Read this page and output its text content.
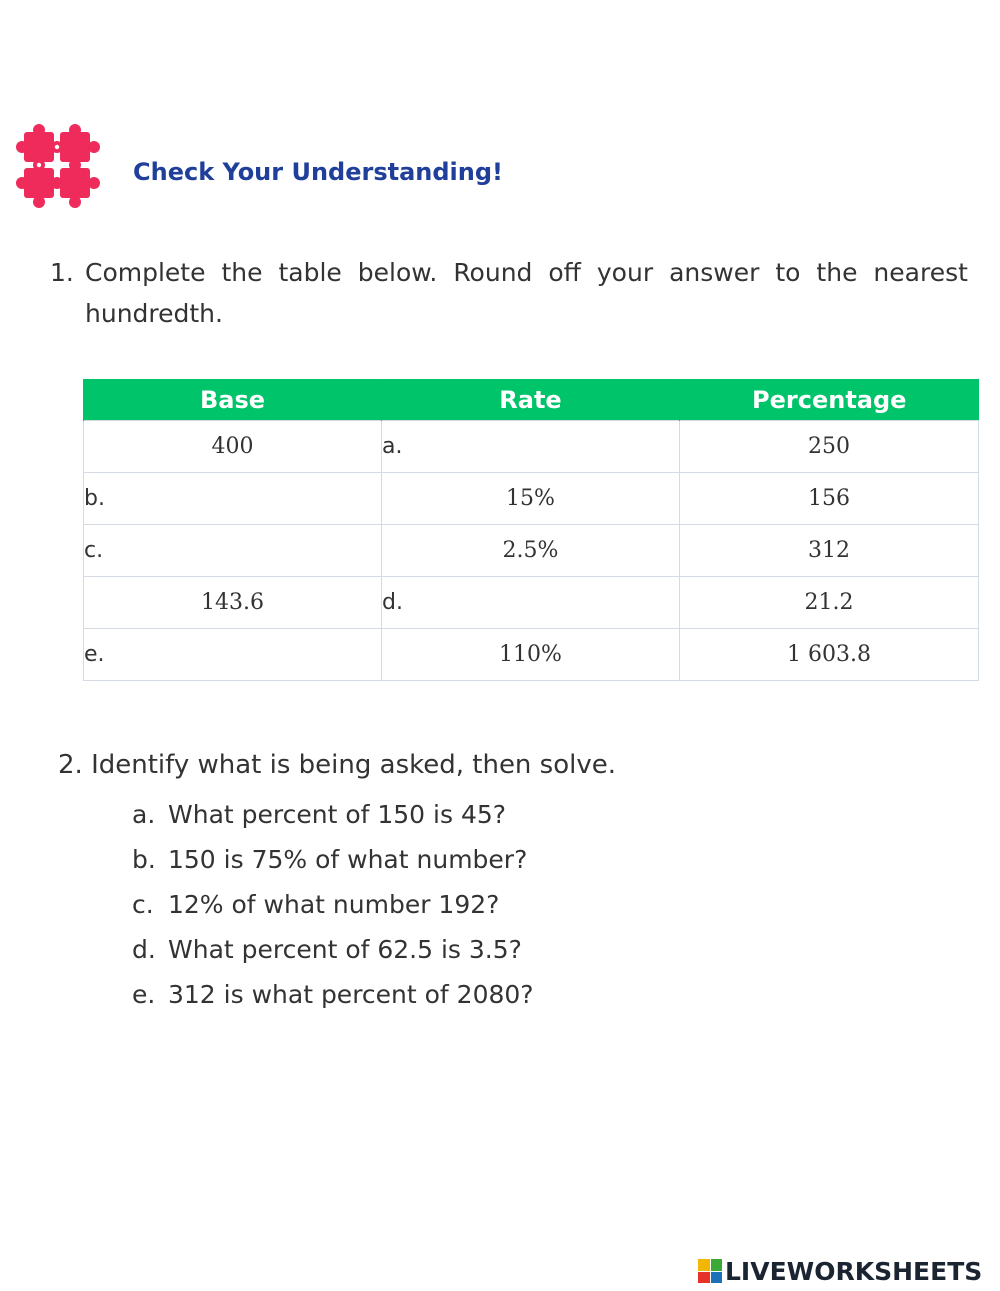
Check Your Understanding!
1. Complete the table below. Round off your answer to the nearest
hundredth.
Base	Rate	Percentage
400	a.	250
b.	15%	156
c.	2.5%	312
143.6	d.	21.2
e.	110%	1 603.8
2. Identify what is being asked, then solve.
a. What percent of 150 is 45?
b. 150 is 75% of what number?
c. 12% of what number 192?
d. What percent of 62.5 is 3.5?
e. 312 is what percent of 2080?
LIVEWORKSHEETS
